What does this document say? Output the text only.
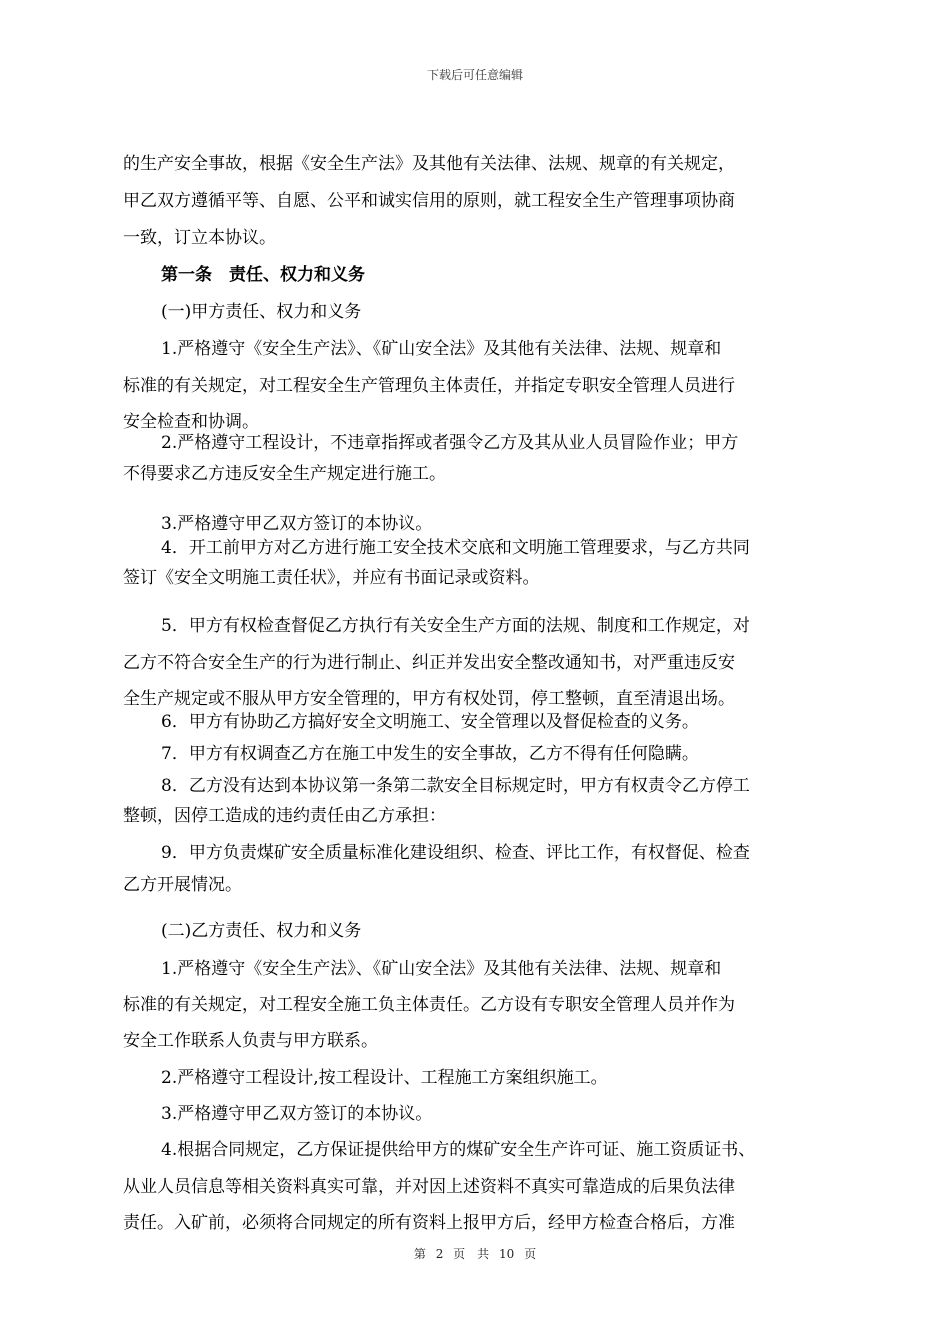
下载后可任意编辑
的生产安全事故，根据《安全生产法》及其他有关法律、法规、规章的有关规定，
甲乙双方遵循平等、自愿、公平和诚实信用的原则，就工程安全生产管理事项协商
一致，订立本协议。
第一条　责任、权力和义务
(一)甲方责任、权力和义务
1.严格遵守《安全生产法》、《矿山安全法》及其他有关法律、法规、规章和
标准的有关规定，对工程安全生产管理负主体责任，并指定专职安全管理人员进行
安全检查和协调。
2.严格遵守工程设计，不违章指挥或者强令乙方及其从业人员冒险作业；甲方
不得要求乙方违反安全生产规定进行施工。
3.严格遵守甲乙双方签订的本协议。
4．开工前甲方对乙方进行施工安全技术交底和文明施工管理要求，与乙方共同
签订《安全文明施工责任状》，并应有书面记录或资料。
5．甲方有权检查督促乙方执行有关安全生产方面的法规、制度和工作规定，对
乙方不符合安全生产的行为进行制止、纠正并发出安全整改通知书，对严重违反安
全生产规定或不服从甲方安全管理的，甲方有权处罚，停工整顿，直至清退出场。
6．甲方有协助乙方搞好安全文明施工、安全管理以及督促检查的义务。
7．甲方有权调查乙方在施工中发生的安全事故，乙方不得有任何隐瞒。
8．乙方没有达到本协议第一条第二款安全目标规定时，甲方有权责令乙方停工
整顿，因停工造成的违约责任由乙方承担：
9．甲方负责煤矿安全质量标准化建设组织、检查、评比工作，有权督促、检查
乙方开展情况。
(二)乙方责任、权力和义务
1.严格遵守《安全生产法》、《矿山安全法》及其他有关法律、法规、规章和
标准的有关规定，对工程安全施工负主体责任。乙方设有专职安全管理人员并作为
安全工作联系人负责与甲方联系。
2.严格遵守工程设计,按工程设计、工程施工方案组织施工。
3.严格遵守甲乙双方签订的本协议。
4.根据合同规定，乙方保证提供给甲方的煤矿安全生产许可证、施工资质证书、
从业人员信息等相关资料真实可靠，并对因上述资料不真实可靠造成的后果负法律
责任。入矿前，必须将合同规定的所有资料上报甲方后，经甲方检查合格后，方准
第 2 页　共 10 页
